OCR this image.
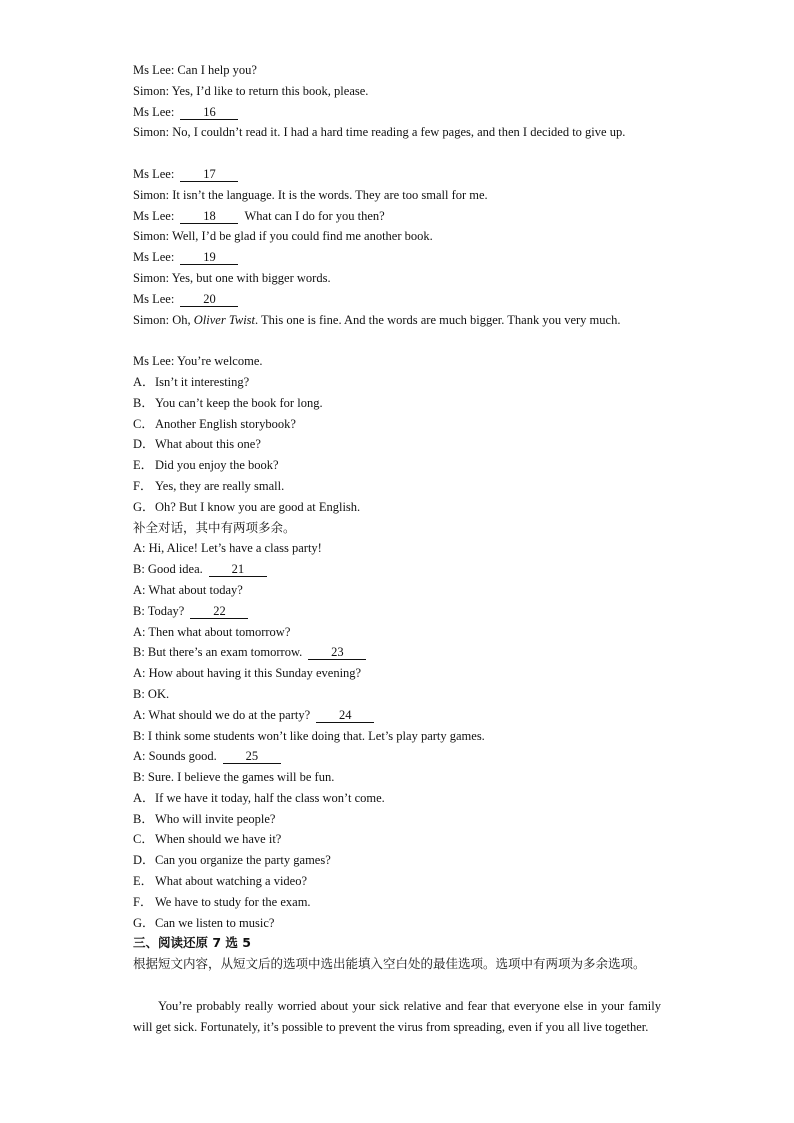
Ms Lee: Can I help you?
Simon: Yes, I’d like to return this book, please.
Ms Lee: 16
Simon: No, I couldn’t read it. I had a hard time reading a few pages, and then I decided to give up.
Ms Lee: 17
Simon: It isn’t the language. It is the words. They are too small for me.
Ms Lee: 18 What can I do for you then?
Simon: Well, I’d be glad if you could find me another book.
Ms Lee: 19
Simon: Yes, but one with bigger words.
Ms Lee: 20
Simon: Oh, Oliver Twist. This one is fine. And the words are much bigger. Thank you very much.
Ms Lee: You’re welcome.
A．Isn’t it interesting?
B．You can’t keep the book for long.
C．Another English storybook?
D．What about this one?
E． Did you enjoy the book?
F． Yes, they are really small.
G．Oh? But I know you are good at English.
补全对话，其中有两项多余。
A: Hi, Alice! Let’s have a class party!
B: Good idea. 21
A: What about today?
B: Today? 22
A: Then what about tomorrow?
B: But there’s an exam tomorrow. 23
A: How about having it this Sunday evening?
B: OK.
A: What should we do at the party? 24
B: I think some students won’t like doing that. Let’s play party games.
A: Sounds good. 25
B: Sure. I believe the games will be fun.
A．If we have it today, half the class won’t come.
B．Who will invite people?
C．When should we have it?
D．Can you organize the party games?
E． What about watching a video?
F． We have to study for the exam.
G．Can we listen to music?
三、阅读还原 7 选 5
根据短文内容，从短文后的选项中选出能填入空白处的最佳选项。选项中有两项为多余选项。
You’re probably really worried about your sick relative and fear that everyone else in your family will get sick. Fortunately, it’s possible to prevent the virus from spreading, even if you all live together.
